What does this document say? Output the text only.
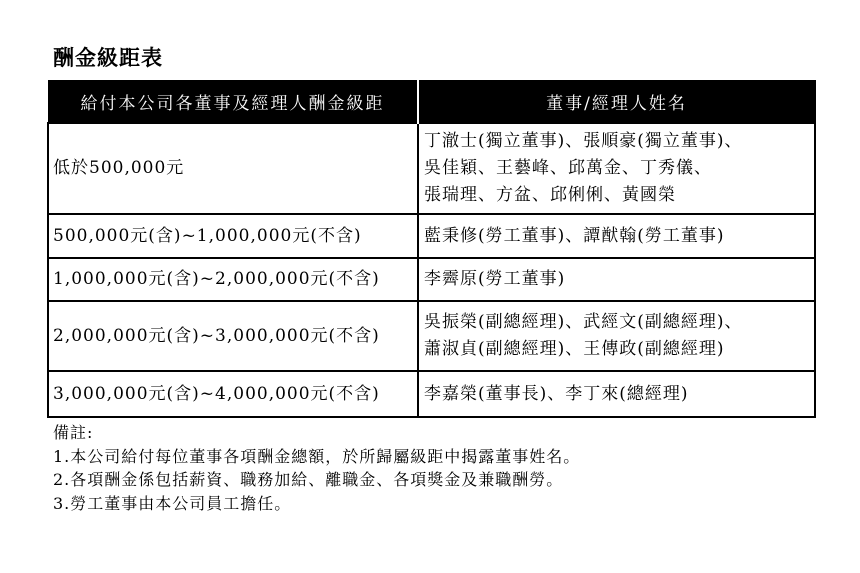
酬金級距表
給付本公司各董事及經理人酬金級距	董事/經理人姓名
低於500,000元	丁澈士(獨立董事)、張順豪(獨立董事)、
吳佳穎、王藝峰、邱萬金、丁秀儀、
張瑞理、方盆、邱俐俐、黃國榮

500,000元(含)~1,000,000元(不含)	藍秉修(勞工董事)、譚猷翰(勞工董事)

1,000,000元(含)~2,000,000元(不含)	李霽原(勞工董事)

2,000,000元(含)~3,000,000元(不含)	吳振榮(副總經理)、武經文(副總經理)、
蕭淑貞(副總經理)、王傳政(副總經理)

3,000,000元(含)~4,000,000元(不含)	李嘉榮(董事長)、李丁來(總經理)
備註:
1.本公司給付每位董事各項酬金總額，於所歸屬級距中揭露董事姓名。
2.各項酬金係包括薪資、職務加給、離職金、各項獎金及兼職酬勞。
3.勞工董事由本公司員工擔任。
